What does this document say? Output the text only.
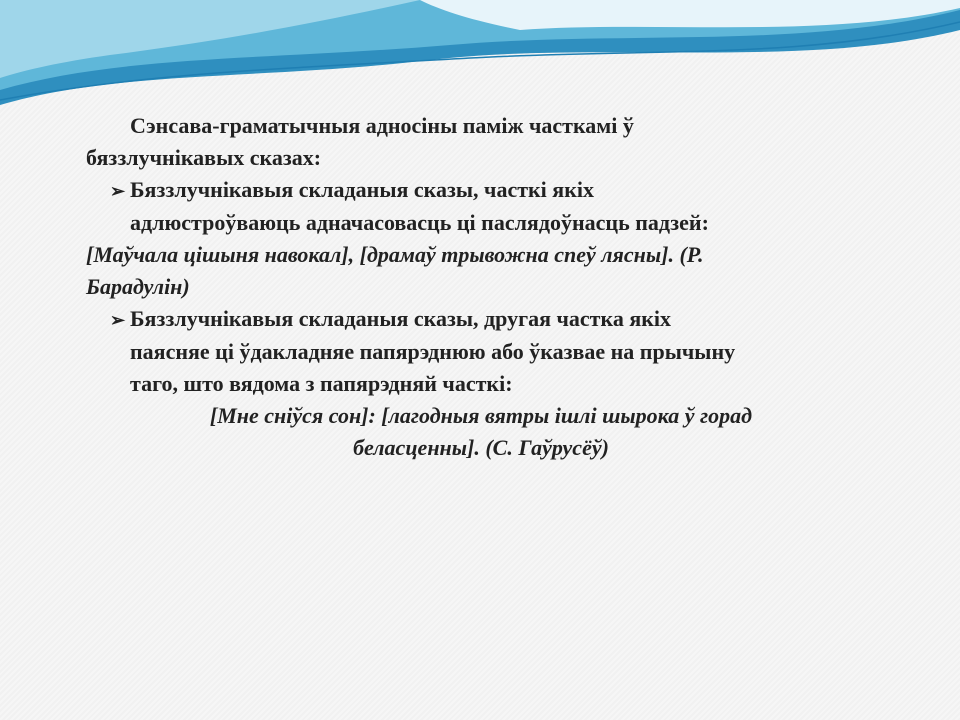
Сэнсава-граматычныя адносіны паміж часткамі ў
бяззлучнікавых сказах:
➢ Бяззлучнікавыя складаныя сказы, часткі якіх
адлюстроўваюць адначасовасць ці паслядоўнасць падзей:
[Маўчала цішыня навокал], [драмаў трывожна спеў лясны]. (Р.
Барадулін)
➢ Бяззлучнікавыя складаныя сказы, другая частка якіх
паясняе ці ўдакладняе папярэднюю або ўказвае на прычыну
таго, што вядома з папярэдняй часткі:
[Мне сніўся сон]: [лагодныя вятры ішлі шырока ў горад
беласценны]. (С. Гаўрусёў)
